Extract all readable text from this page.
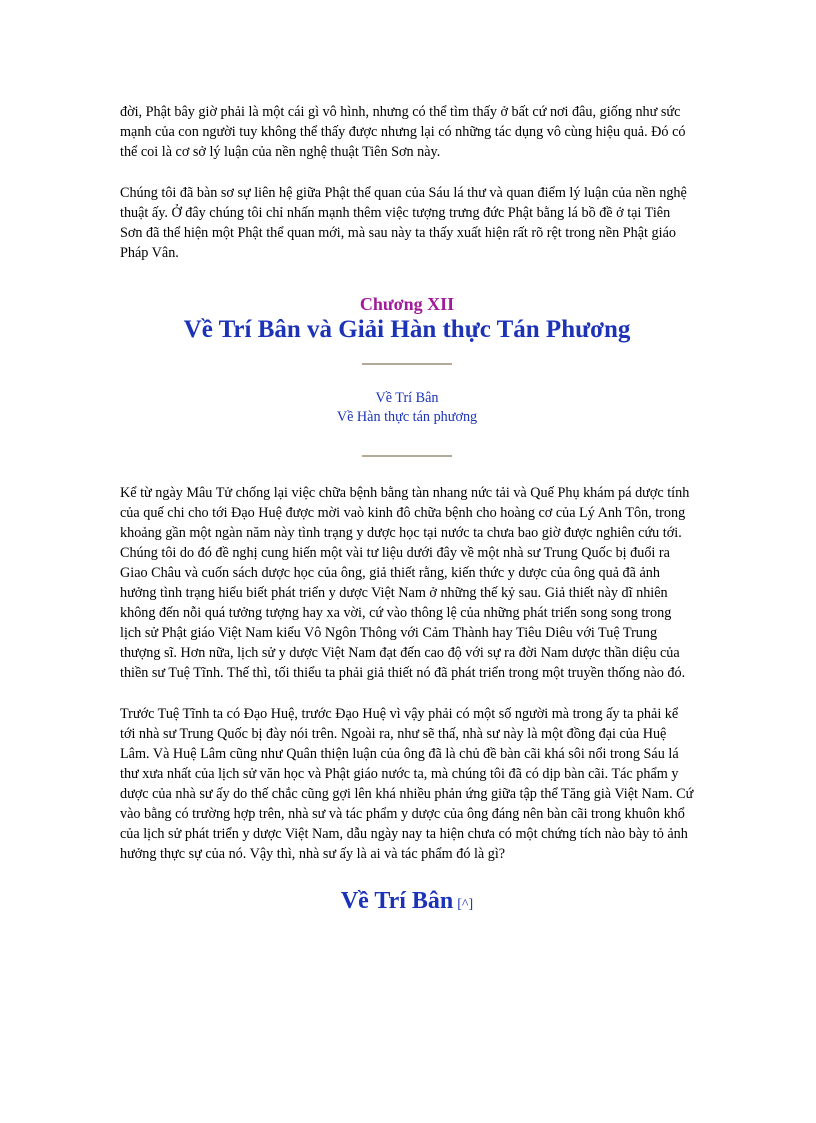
đời, Phật bây giờ phải là một cái gì vô hình, nhưng có thể tìm thấy ở bất cứ nơi đâu, giống như sức mạnh của con người tuy không thể thấy được nhưng lại có những tác dụng vô cùng hiệu quả. Đó có thể coi là cơ sở lý luận của nền nghệ thuật Tiên Sơn này.

Chúng tôi đã bàn sơ sự liên hệ giữa Phật thể quan của Sáu lá thư và quan điểm lý luận của nền nghệ thuật ấy. Ở đây chúng tôi chỉ nhấn mạnh thêm việc tượng trưng đức Phật bằng lá bồ đề ở tại Tiên Sơn đã thể hiện một Phật thể quan mới, mà sau này ta thấy xuất hiện rất rõ rệt trong nền Phật giáo Pháp Vân.

Chương XII
Về Trí Bân và Giải Hàn thực Tán Phương
Về Trí Bân
Về Hàn thực tán phương

Kể từ ngày Mâu Tử chống lại việc chữa bệnh bằng tàn nhang nức tải và Quế Phụ khám pá dược tính của quế chi cho tới Đạo Huệ được mời vaò kinh đô chữa bệnh cho hoàng cơ của Lý Anh Tôn, trong khoảng gần một ngàn năm này tình trạng y dược học tại nước ta chưa bao giờ được nghiên cứu tới. Chúng tôi do đó đề nghị cung hiến một vài tư liệu dưới đây về một nhà sư Trung Quốc bị đuổi ra Giao Châu và cuốn sách dược học của ông, giả thiết rằng, kiến thức y dược của ông quả đã ảnh hưởng tình trạng hiểu biết phát triển y dược Việt Nam ở những thế kỷ sau. Giả thiết này dĩ nhiên không đến nỗi quá tưởng tượng hay xa vời, cứ vào thông lệ của những phát triển song song trong lịch sử Phật giáo Việt Nam kiểu Vô Ngôn Thông với Cảm Thành hay Tiêu Diêu với Tuệ Trung thượng sĩ. Hơn nữa, lịch sử y dược Việt Nam đạt đến cao độ với sự ra đời Nam dược thần diệu của thiền sư Tuệ Tĩnh. Thế thì, tối thiểu ta phải giả thiết nó đã phát triển trong một truyền thống nào đó.

Trước Tuệ Tĩnh ta có Đạo Huệ, trước Đạo Huệ vì vậy phải có một số người mà trong ấy ta phải kể tới nhà sư Trung Quốc bị đày nói trên. Ngoài ra, như sẽ thấ, nhà sư này là một đồng đại của Huệ Lâm. Và Huệ Lâm cũng như Quân thiện luận của ông đã là chủ đề bàn cãi khá sôi nổi trong Sáu lá thư xưa nhất của lịch sử văn học và Phật giáo nước ta, mà chúng tôi đã có dịp bàn cãi. Tác phẩm y dược của nhà sư ấy do thế chắc cũng gợi lên khá nhiều phản ứng giữa tập thể Tăng già Việt Nam. Cứ vào bằng có trường hợp trên, nhà sư và tác phẩm y dược của ông đáng nên bàn cãi trong khuôn khổ của lịch sử phát triển y dược Việt Nam, dẫu ngày nay ta hiện chưa có một chứng tích nào bày tỏ ảnh hưởng thực sự của nó. Vậy thì, nhà sư ấy là ai và tác phẩm đó là gì?

Về Trí Bân [^]
